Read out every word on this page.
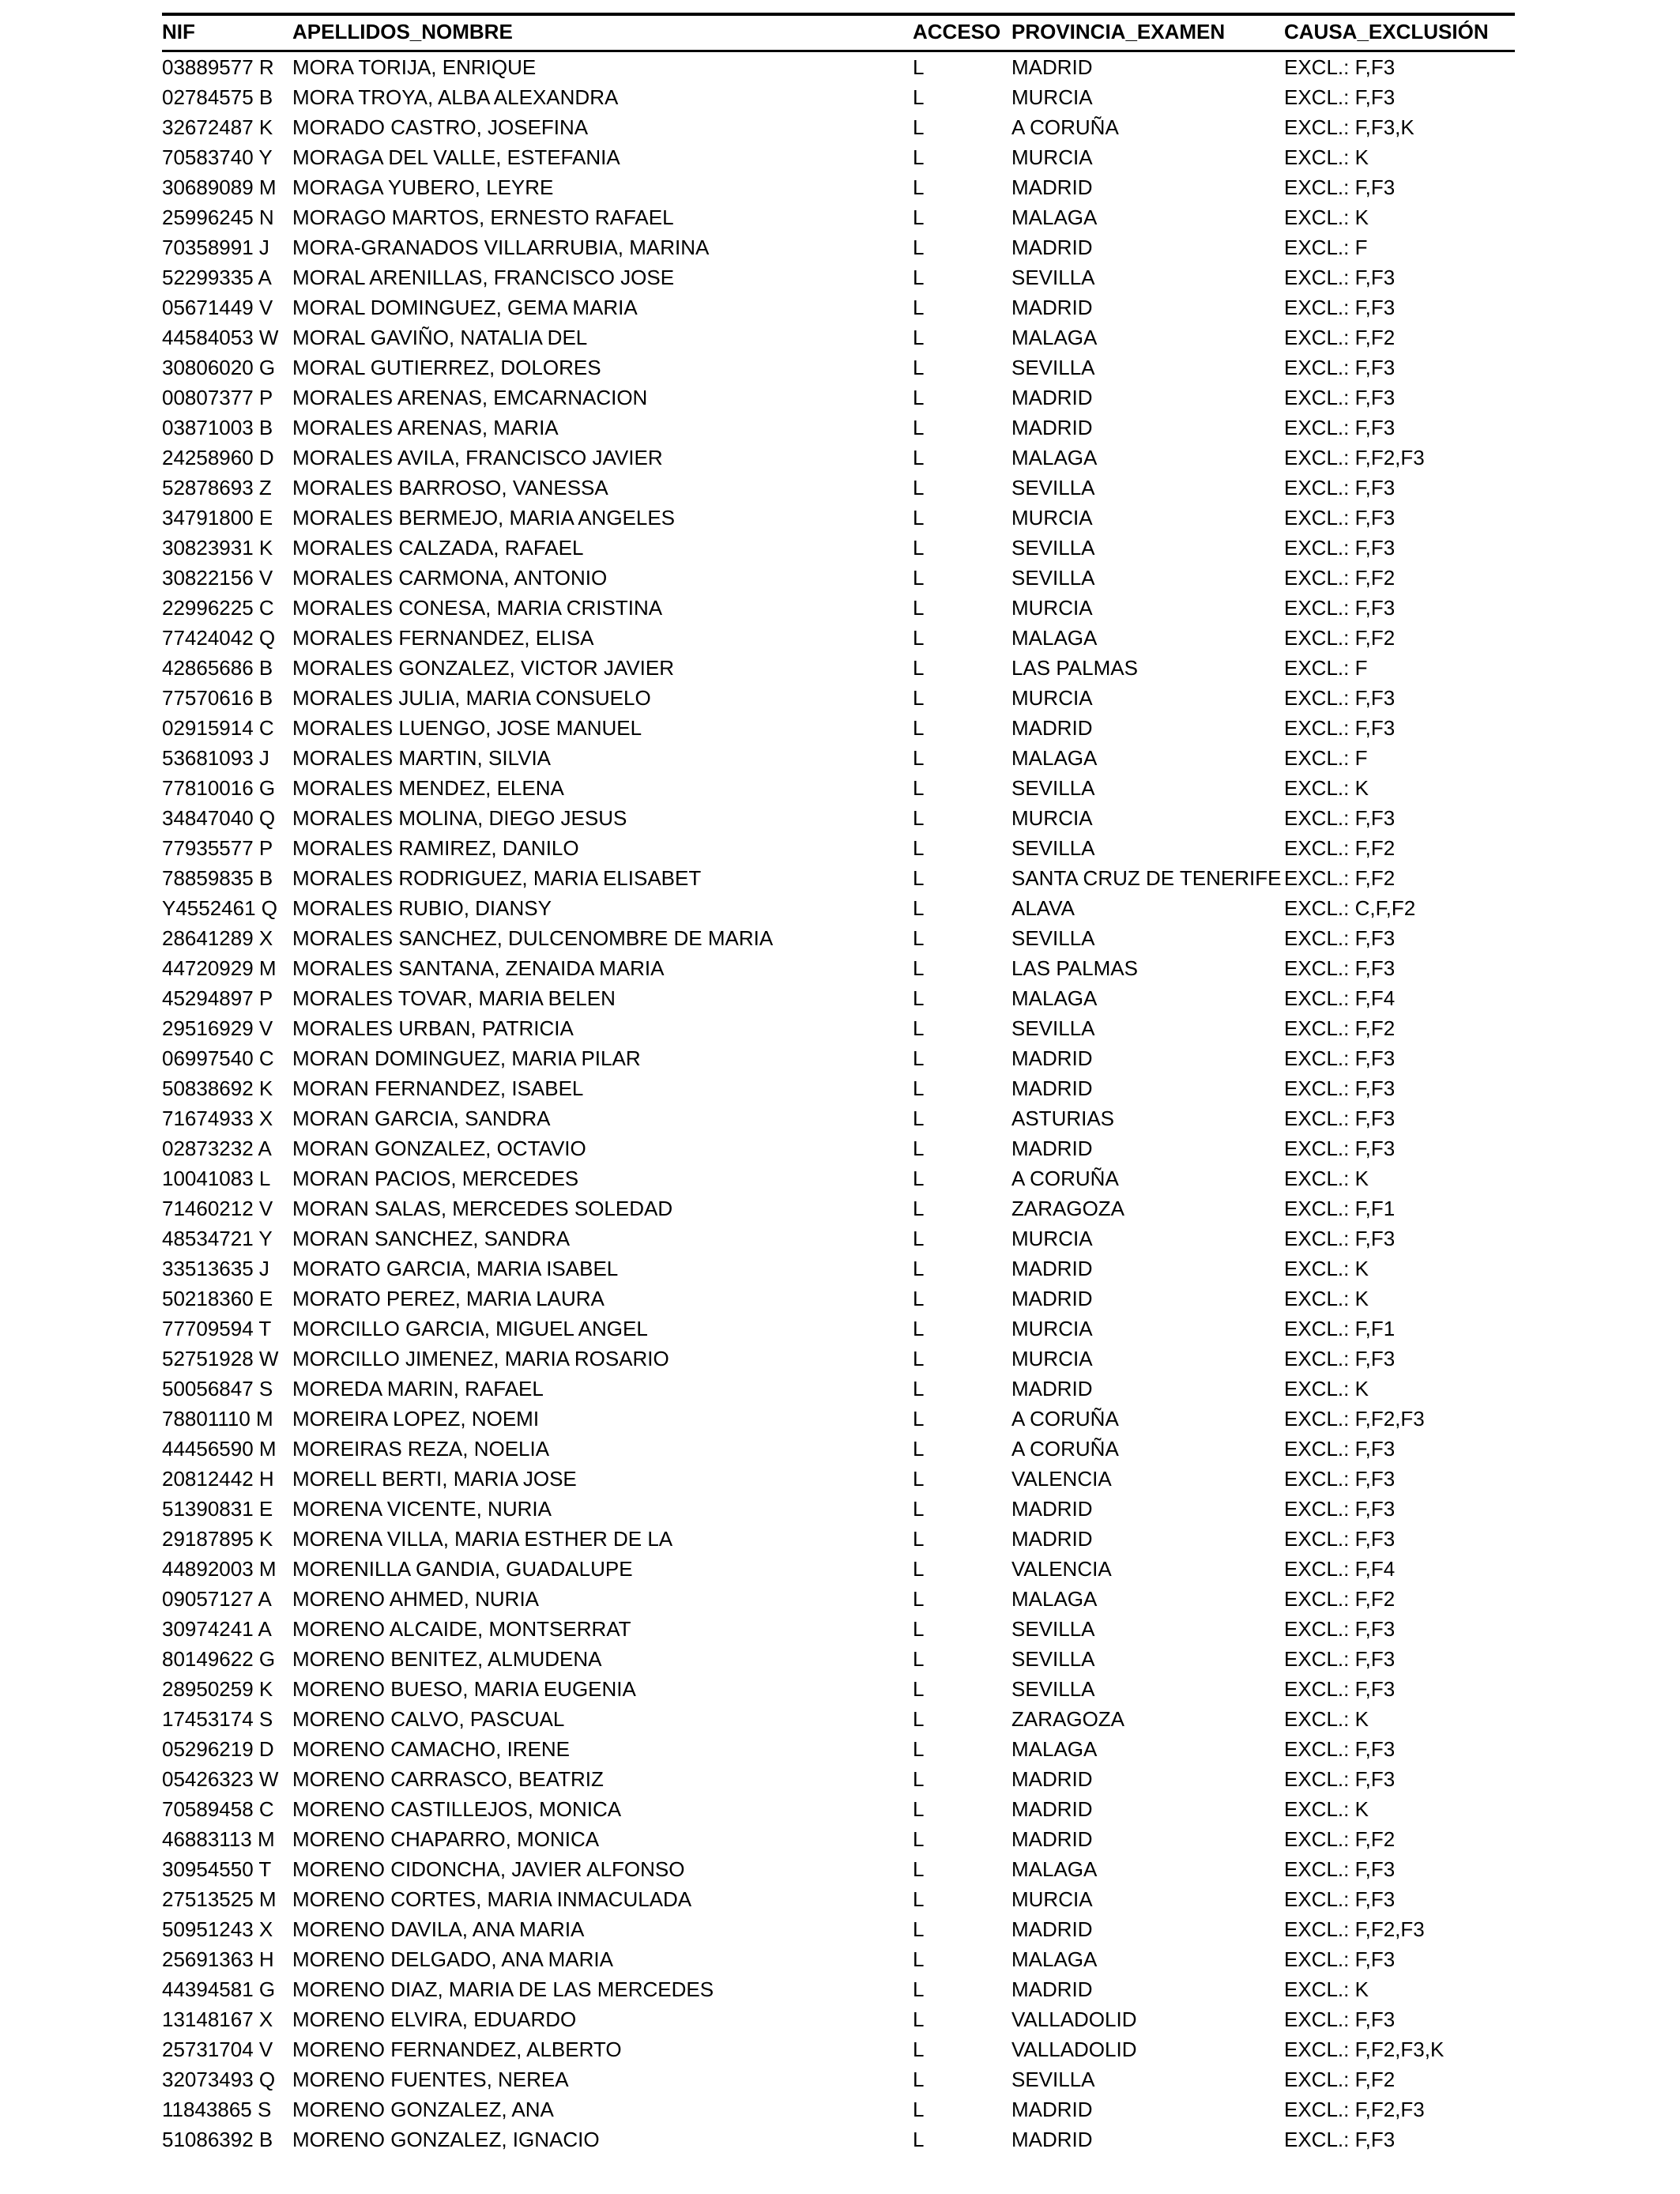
NIF	APELLIDOS_NOMBRE	ACCESO	PROVINCIA_EXAMEN	CAUSA_EXCLUSIÓN
03889577 R	MORA TORIJA, ENRIQUE	L	MADRID	EXCL.: F,F3
02784575 B	MORA TROYA, ALBA ALEXANDRA	L	MURCIA	EXCL.: F,F3
32672487 K	MORADO CASTRO, JOSEFINA	L	A CORUÑA	EXCL.: F,F3,K
70583740 Y	MORAGA DEL VALLE, ESTEFANIA	L	MURCIA	EXCL.: K
30689089 M	MORAGA YUBERO, LEYRE	L	MADRID	EXCL.: F,F3
25996245 N	MORAGO MARTOS, ERNESTO RAFAEL	L	MALAGA	EXCL.: K
70358991 J	MORA-GRANADOS VILLARRUBIA, MARINA	L	MADRID	EXCL.: F
52299335 A	MORAL ARENILLAS, FRANCISCO JOSE	L	SEVILLA	EXCL.: F,F3
05671449 V	MORAL DOMINGUEZ, GEMA MARIA	L	MADRID	EXCL.: F,F3
44584053 W	MORAL GAVIÑO, NATALIA DEL	L	MALAGA	EXCL.: F,F2
30806020 G	MORAL GUTIERREZ, DOLORES	L	SEVILLA	EXCL.: F,F3
00807377 P	MORALES ARENAS, EMCARNACION	L	MADRID	EXCL.: F,F3
03871003 B	MORALES ARENAS, MARIA	L	MADRID	EXCL.: F,F3
24258960 D	MORALES AVILA, FRANCISCO JAVIER	L	MALAGA	EXCL.: F,F2,F3
52878693 Z	MORALES BARROSO, VANESSA	L	SEVILLA	EXCL.: F,F3
34791800 E	MORALES BERMEJO, MARIA ANGELES	L	MURCIA	EXCL.: F,F3
30823931 K	MORALES CALZADA, RAFAEL	L	SEVILLA	EXCL.: F,F3
30822156 V	MORALES CARMONA, ANTONIO	L	SEVILLA	EXCL.: F,F2
22996225 C	MORALES CONESA, MARIA CRISTINA	L	MURCIA	EXCL.: F,F3
77424042 Q	MORALES FERNANDEZ, ELISA	L	MALAGA	EXCL.: F,F2
42865686 B	MORALES GONZALEZ, VICTOR JAVIER	L	LAS PALMAS	EXCL.: F
77570616 B	MORALES JULIA, MARIA CONSUELO	L	MURCIA	EXCL.: F,F3
02915914 C	MORALES LUENGO, JOSE MANUEL	L	MADRID	EXCL.: F,F3
53681093 J	MORALES MARTIN, SILVIA	L	MALAGA	EXCL.: F
77810016 G	MORALES MENDEZ, ELENA	L	SEVILLA	EXCL.: K
34847040 Q	MORALES MOLINA, DIEGO JESUS	L	MURCIA	EXCL.: F,F3
77935577 P	MORALES RAMIREZ, DANILO	L	SEVILLA	EXCL.: F,F2
78859835 B	MORALES RODRIGUEZ, MARIA ELISABET	L	SANTA CRUZ DE TENERIFE	EXCL.: F,F2
Y4552461 Q	MORALES RUBIO, DIANSY	L	ALAVA	EXCL.: C,F,F2
28641289 X	MORALES SANCHEZ, DULCENOMBRE DE MARIA	L	SEVILLA	EXCL.: F,F3
44720929 M	MORALES SANTANA, ZENAIDA MARIA	L	LAS PALMAS	EXCL.: F,F3
45294897 P	MORALES TOVAR, MARIA BELEN	L	MALAGA	EXCL.: F,F4
29516929 V	MORALES URBAN, PATRICIA	L	SEVILLA	EXCL.: F,F2
06997540 C	MORAN DOMINGUEZ, MARIA PILAR	L	MADRID	EXCL.: F,F3
50838692 K	MORAN FERNANDEZ, ISABEL	L	MADRID	EXCL.: F,F3
71674933 X	MORAN GARCIA, SANDRA	L	ASTURIAS	EXCL.: F,F3
02873232 A	MORAN GONZALEZ, OCTAVIO	L	MADRID	EXCL.: F,F3
10041083 L	MORAN PACIOS, MERCEDES	L	A CORUÑA	EXCL.: K
71460212 V	MORAN SALAS, MERCEDES SOLEDAD	L	ZARAGOZA	EXCL.: F,F1
48534721 Y	MORAN SANCHEZ, SANDRA	L	MURCIA	EXCL.: F,F3
33513635 J	MORATO GARCIA, MARIA ISABEL	L	MADRID	EXCL.: K
50218360 E	MORATO PEREZ, MARIA LAURA	L	MADRID	EXCL.: K
77709594 T	MORCILLO GARCIA, MIGUEL ANGEL	L	MURCIA	EXCL.: F,F1
52751928 W	MORCILLO JIMENEZ, MARIA ROSARIO	L	MURCIA	EXCL.: F,F3
50056847 S	MOREDA MARIN, RAFAEL	L	MADRID	EXCL.: K
78801110 M	MOREIRA LOPEZ, NOEMI	L	A CORUÑA	EXCL.: F,F2,F3
44456590 M	MOREIRAS REZA, NOELIA	L	A CORUÑA	EXCL.: F,F3
20812442 H	MORELL BERTI, MARIA JOSE	L	VALENCIA	EXCL.: F,F3
51390831 E	MORENA VICENTE, NURIA	L	MADRID	EXCL.: F,F3
29187895 K	MORENA VILLA, MARIA ESTHER DE LA	L	MADRID	EXCL.: F,F3
44892003 M	MORENILLA GANDIA, GUADALUPE	L	VALENCIA	EXCL.: F,F4
09057127 A	MORENO AHMED, NURIA	L	MALAGA	EXCL.: F,F2
30974241 A	MORENO ALCAIDE, MONTSERRAT	L	SEVILLA	EXCL.: F,F3
80149622 G	MORENO BENITEZ, ALMUDENA	L	SEVILLA	EXCL.: F,F3
28950259 K	MORENO BUESO, MARIA EUGENIA	L	SEVILLA	EXCL.: F,F3
17453174 S	MORENO CALVO, PASCUAL	L	ZARAGOZA	EXCL.: K
05296219 D	MORENO CAMACHO, IRENE	L	MALAGA	EXCL.: F,F3
05426323 W	MORENO CARRASCO, BEATRIZ	L	MADRID	EXCL.: F,F3
70589458 C	MORENO CASTILLEJOS, MONICA	L	MADRID	EXCL.: K
46883113 M	MORENO CHAPARRO, MONICA	L	MADRID	EXCL.: F,F2
30954550 T	MORENO CIDONCHA, JAVIER ALFONSO	L	MALAGA	EXCL.: F,F3
27513525 M	MORENO CORTES, MARIA INMACULADA	L	MURCIA	EXCL.: F,F3
50951243 X	MORENO DAVILA, ANA MARIA	L	MADRID	EXCL.: F,F2,F3
25691363 H	MORENO DELGADO, ANA MARIA	L	MALAGA	EXCL.: F,F3
44394581 G	MORENO DIAZ, MARIA DE LAS MERCEDES	L	MADRID	EXCL.: K
13148167 X	MORENO ELVIRA, EDUARDO	L	VALLADOLID	EXCL.: F,F3
25731704 V	MORENO FERNANDEZ, ALBERTO	L	VALLADOLID	EXCL.: F,F2,F3,K
32073493 Q	MORENO FUENTES, NEREA	L	SEVILLA	EXCL.: F,F2
11843865 S	MORENO GONZALEZ, ANA	L	MADRID	EXCL.: F,F2,F3
51086392 B	MORENO GONZALEZ, IGNACIO	L	MADRID	EXCL.: F,F3
